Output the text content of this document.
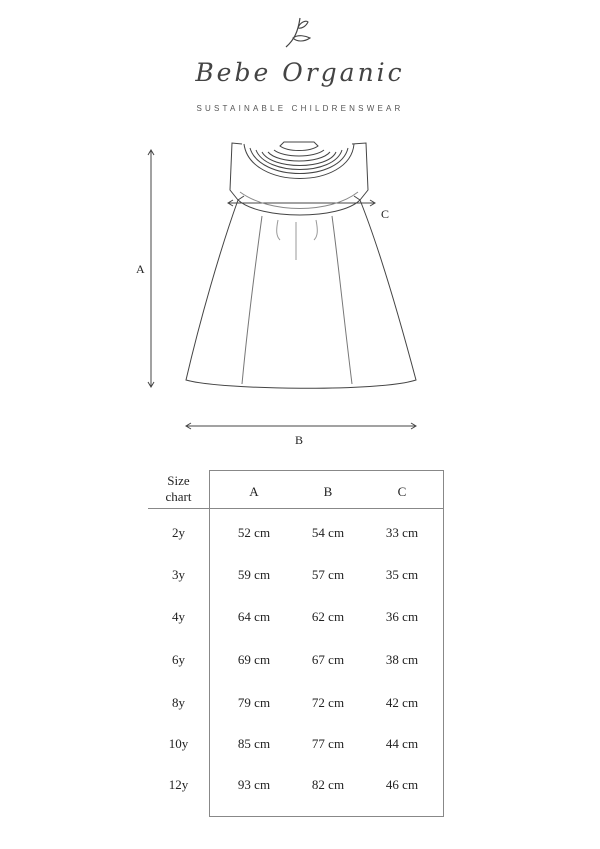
Bebe Organic
SUSTAINABLE CHILDRENSWEAR
A
B
C
Size chart	A	B	C
2y	52 cm	54 cm	33 cm
3y	59 cm	57 cm	35 cm
4y	64 cm	62 cm	36 cm
6y	69 cm	67 cm	38 cm
8y	79 cm	72 cm	42 cm
10y	85 cm	77 cm	44 cm
12y	93 cm	82 cm	46 cm
